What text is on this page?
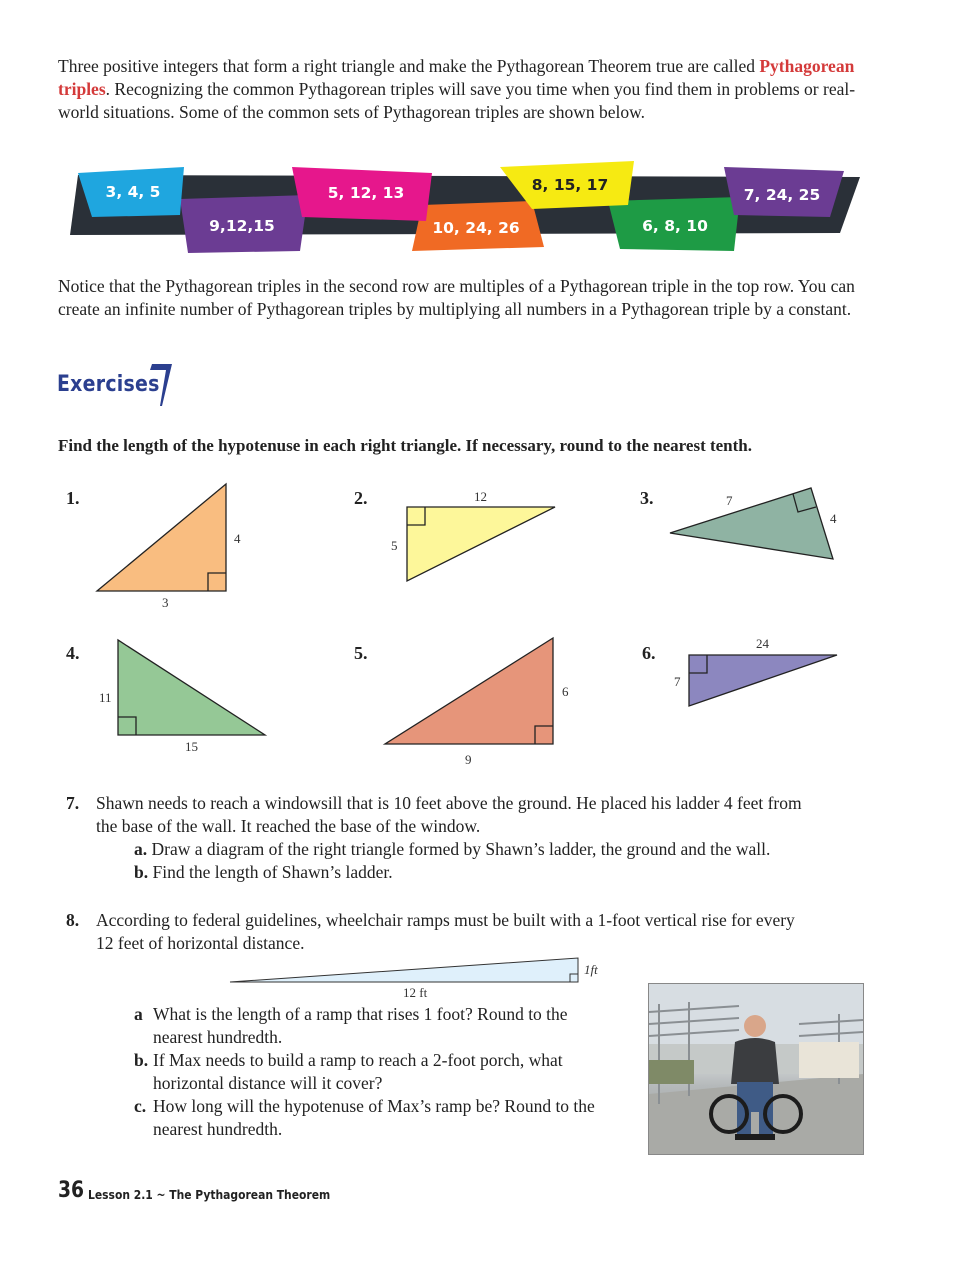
Three positive integers that form a right triangle and make the Pythagorean Theorem true are called Pythagorean triples. Recognizing the common Pythagorean triples will save you time when you find them in problems or real-world situations. Some of the common sets of Pythagorean triples are shown below.

9,12,15	10, 24, 26	6, 8, 10
3, 4, 5	5, 12, 13	8, 15, 17
7, 24, 25

Notice that the Pythagorean triples in the second row are multiples of a Pythagorean triple in the top row. You can create an infinite number of Pythagorean triples by multiplying all numbers in a Pythagorean triple by a constant.

Exercises
Find the length of the hypotenuse in each right triangle. If necessary, round to the nearest tenth.
1.	2.	3.
4.	5.	6.
3
4
12
5
7
4
11
15
6
9
24
7
7. Shawn needs to reach a windowsill that is 10 feet above the ground. He placed his ladder 4 feet from
the base of the wall. It reached the base of the window.
a. Draw a diagram of the right triangle formed by Shawn’s ladder, the ground and the wall.
b. Find the length of Shawn’s ladder.
8. According to federal guidelines, wheelchair ramps must be built with a 1-foot vertical rise for every
12 feet of horizontal distance.
1ft
12 ft
a What is the length of a ramp that rises 1 foot? Round to the
nearest hundredth.
b. If Max needs to build a ramp to reach a 2-foot porch, what
horizontal distance will it cover?
c. How long will the hypotenuse of Max’s ramp be? Round to the
nearest hundredth.
36 Lesson 2.1 ~ The Pythagorean Theorem
